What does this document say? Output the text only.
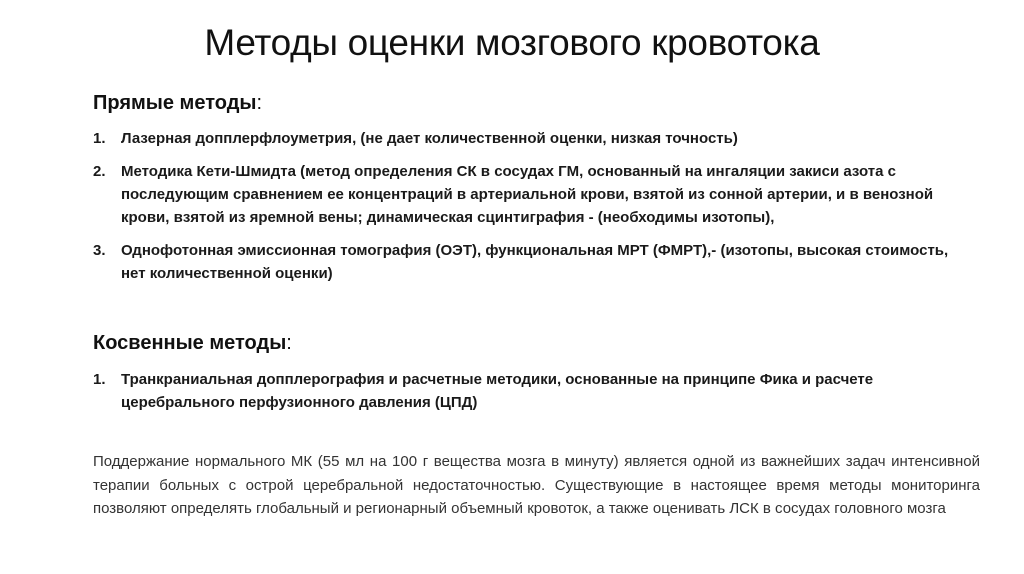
Методы оценки мозгового кровотока
Прямые методы:
1. Лазерная допплерфлоуметрия, (не дает количественной оценки, низкая точность)
2. Методика Кети-Шмидта (метод определения СК в сосудах ГМ, основанный на ингаляции закиси азота с последующим сравнением ее концентраций в артериальной крови, взятой из сонной артерии, и в венозной крови, взятой из яремной вены; динамическая сцинтиграфия - (необходимы изотопы),
3. Однофотонная эмиссионная томография (ОЭТ), функциональная МРТ (ФМРТ),- (изотопы, высокая стоимость, нет количественной оценки)
Косвенные методы:
1. Транкраниальная допплерография и расчетные методики, основанные на принципе Фика и расчете церебрального перфузионного давления (ЦПД)
Поддержание нормального МК (55 мл на 100 г вещества мозга в минуту) является одной из важнейших задач интенсивной терапии больных с острой церебральной недостаточностью. Существующие в настоящее время методы мониторинга позволяют определять глобальный и регионарный объемный кровоток, а также оценивать ЛСК в сосудах головного мозга
